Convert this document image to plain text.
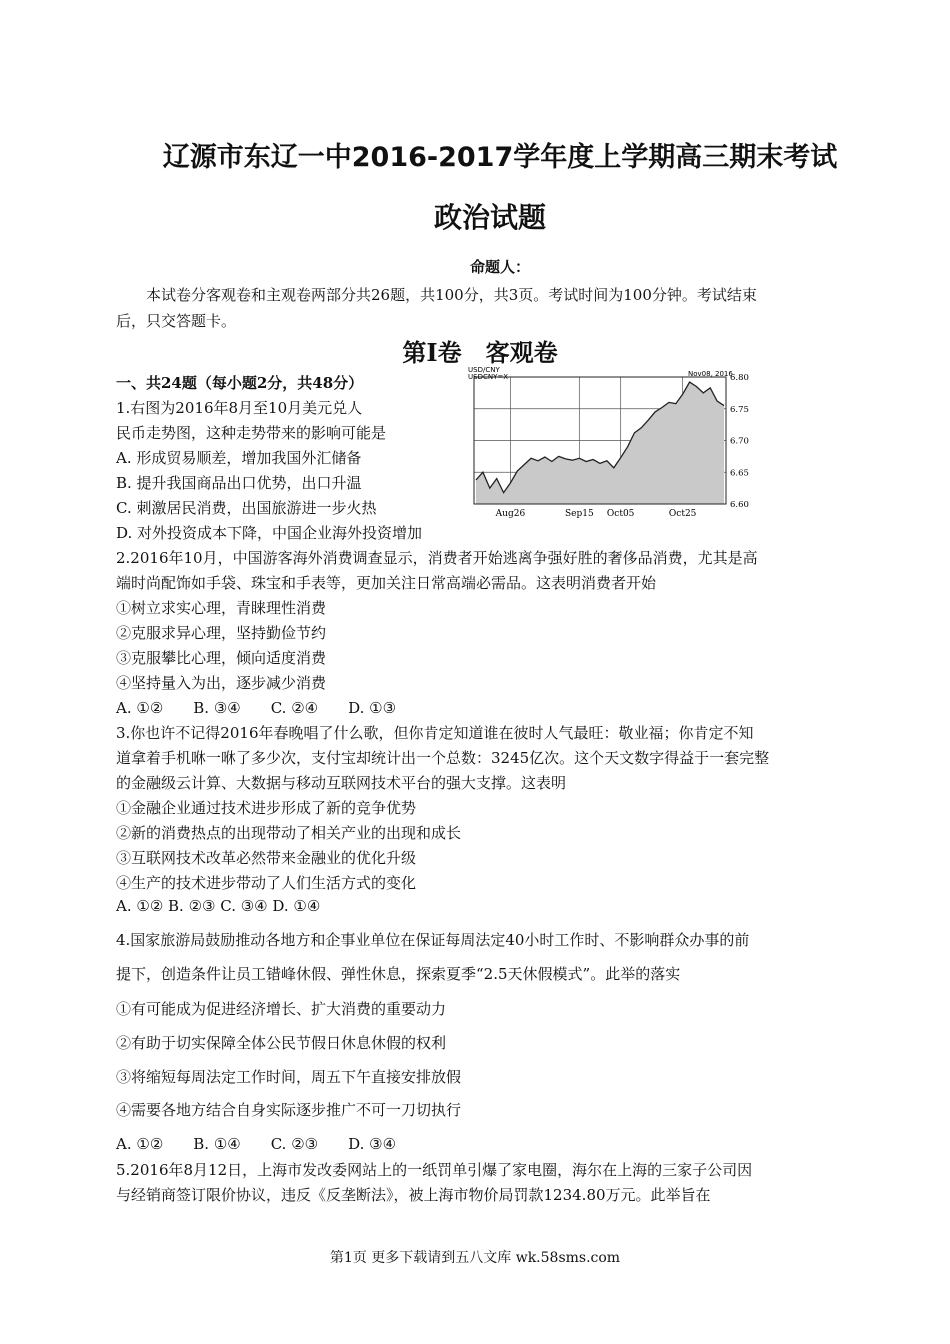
辽源市东辽一中2016-2017学年度上学期高三期末考试
政治试题
命题人：

本试卷分客观卷和主观卷两部分共26题，共100分，共3页。考试时间为100分钟。考试结束

后，只交答题卡。

第Ⅰ卷　客观卷
一、共24题（每小题2分，共48分）
1.右图为2016年8月至10月美元兑人
民币走势图，这种走势带来的影响可能是
A. 形成贸易顺差，增加我国外汇储备
B. 提升我国商品出口优势，出口升温
C. 刺激居民消费，出国旅游进一步火热
D. 对外投资成本下降，中国企业海外投资增加
USD/CNY
USDCNY=X	Nov08, 2016
6.80
6.75
6.70
6.65
6.60
Aug26	Sep15 Oct05	Oct25
2.2016年10月，中国游客海外消费调查显示，消费者开始逃离争强好胜的奢侈品消费，尤其是高
端时尚配饰如手袋、珠宝和手表等，更加关注日常高端必需品。这表明消费者开始
①树立求实心理，青睐理性消费
②克服求异心理，坚持勤俭节约
③克服攀比心理，倾向适度消费
④坚持量入为出，逐步减少消费
A. ①②　　B. ③④　　C. ②④　　D. ①③
3.你也许不记得2016年春晚唱了什么歌，但你肯定知道谁在彼时人气最旺：敬业福；你肯定不知
道拿着手机咻一咻了多少次，支付宝却统计出一个总数：3245亿次。这个天文数字得益于一套完整
的金融级云计算、大数据与移动互联网技术平台的强大支撑。这表明
①金融企业通过技术进步形成了新的竞争优势
②新的消费热点的出现带动了相关产业的出现和成长
③互联网技术改革必然带来金融业的优化升级
④生产的技术进步带动了人们生活方式的变化
A. ①② B. ②③ C. ③④ D. ①④
4.国家旅游局鼓励推动各地方和企事业单位在保证每周法定40小时工作时、不影响群众办事的前
提下，创造条件让员工错峰休假、弹性休息，探索夏季“2.5天休假模式”。此举的落实
①有可能成为促进经济增长、扩大消费的重要动力
②有助于切实保障全体公民节假日休息休假的权利
③将缩短每周法定工作时间，周五下午直接安排放假
④需要各地方结合自身实际逐步推广不可一刀切执行
A. ①②　　B. ①④　　C. ②③　　D. ③④
5.2016年8月12日，上海市发改委网站上的一纸罚单引爆了家电圈，海尔在上海的三家子公司因
与经销商签订限价协议，违反《反垄断法》，被上海市物价局罚款1234.80万元。此举旨在
第1页 更多下载请到五八文库 wk.58sms.com
